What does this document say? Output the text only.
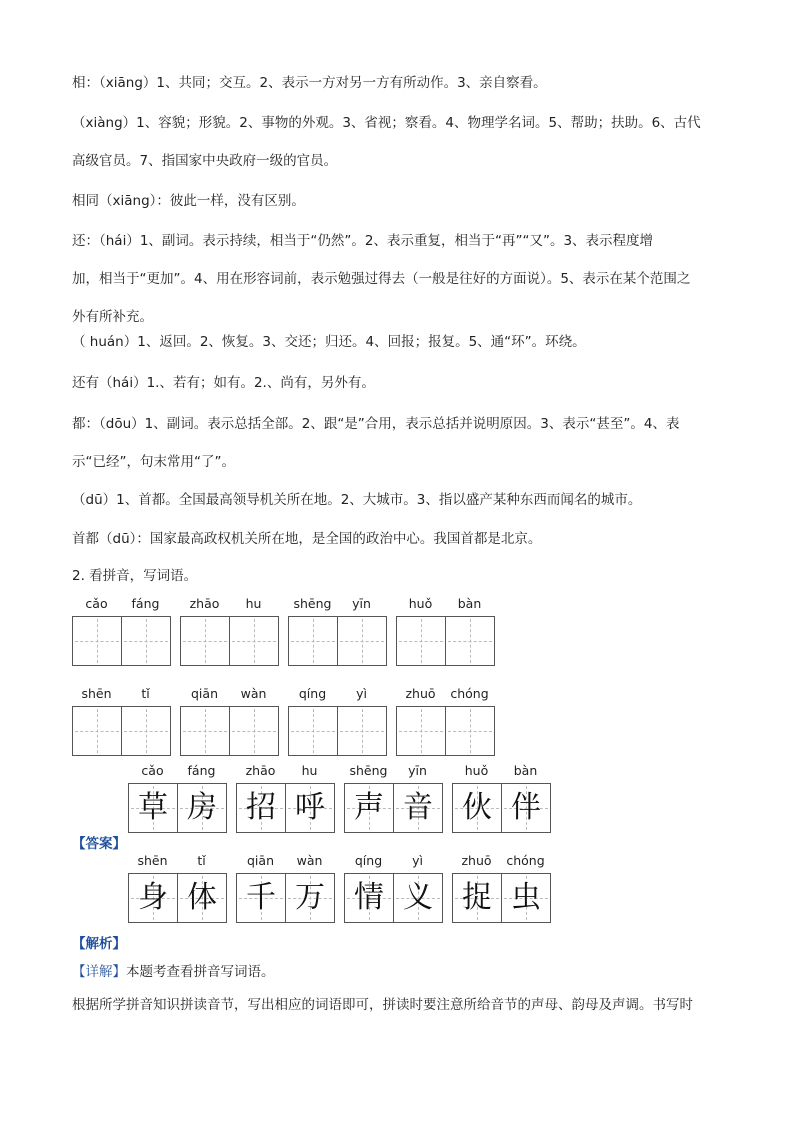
相：（xiāng）1、共同；交互。2、表示一方对另一方有所动作。3、亲自察看。
（xiàng）1、容貌；形貌。2、事物的外观。3、省视；察看。4、物理学名词。5、帮助；扶助。6、古代
高级官员。7、指国家中央政府一级的官员。
相同（xiāng）：彼此一样，没有区别。
还：（hái）1、副词。表示持续，相当于“仍然”。2、表示重复，相当于“再”“又”。3、表示程度增
加，相当于“更加”。4、用在形容词前，表示勉强过得去（一般是往好的方面说）。5、表示在某个范围之
外有所补充。
（ huán）1、返回。2、恢复。3、交还；归还。4、回报；报复。5、通“环”。环绕。
还有（hái）1.、若有；如有。2.、尚有，另外有。
都：（dōu）1、副词。表示总括全部。2、跟“是”合用，表示总括并说明原因。3、表示“甚至”。4、表
示“已经”，句末常用“了”。
（dū）1、首都。全国最高领导机关所在地。2、大城市。3、指以盛产某种东西而闻名的城市。
首都（dū）：国家最高政权机关所在地，是全国的政治中心。我国首都是北京。
2. 看拼音，写词语。
cǎo	fáng	zhāo	hu	shēng	yīn	huǒ	bàn
shēn	tǐ	qiān	wàn	qíng	yì	zhuō	chóng
【答案】
cǎo	fáng
草 房
zhāo	hu
招 呼
shēng	yīn
声 音
huǒ	bàn
伙 伴
shēn	tǐ
身 体
qiān	wàn
千 万
qíng	yì
情 义
zhuō	chóng
捉 虫
【解析】
【详解】本题考查看拼音写词语。
根据所学拼音知识拼读音节，写出相应的词语即可，拼读时要注意所给音节的声母、韵母及声调。书写时
